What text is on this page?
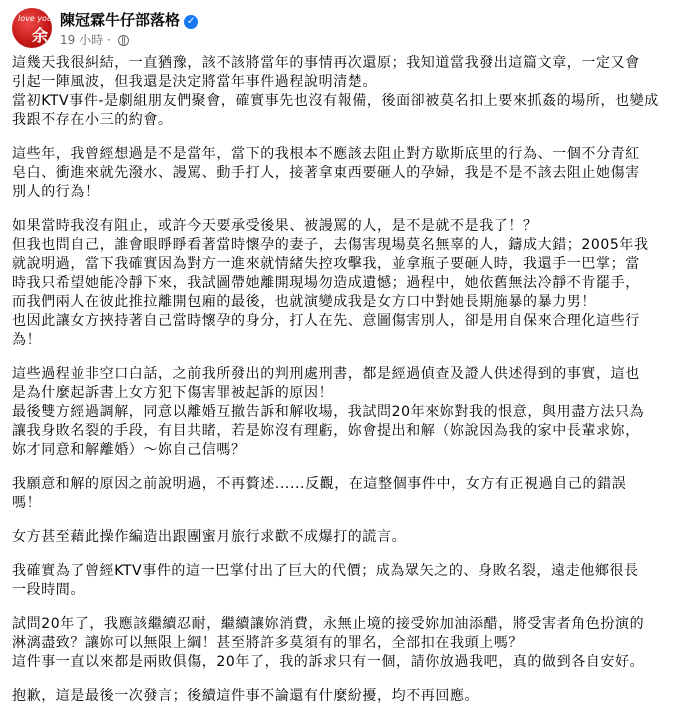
love you
余
陳冠霖牛仔部落格 ✓
19 小時 ·
這幾天我很糾結，一直猶豫，該不該將當年的事情再次還原；我知道當我發出這篇文章，一定又會
引起一陣風波，但我還是決定將當年事件過程說明清楚。
當初KTV事件-是劇組朋友們聚會，確實事先也沒有報備，後面卻被莫名扣上要來抓姦的場所，也變成
我跟不存在小三的約會。
這些年，我曾經想過是不是當年，當下的我根本不應該去阻止對方歇斯底里的行為、一個不分青紅
皂白、衝進來就先潑水、謾罵、動手打人，接著拿東西要砸人的孕婦，我是不是不該去阻止她傷害
別人的行為！
如果當時我沒有阻止，或許今天要承受後果、被謾罵的人，是不是就不是我了！？
但我也問自己，誰會眼睜睜看著當時懷孕的妻子，去傷害現場莫名無辜的人，鑄成大錯；2005年我
就說明過，當下我確實因為對方一進來就情緒失控攻擊我，並拿瓶子要砸人時，我還手一巴掌；當
時我只希望她能冷靜下來，我試圖帶她離開現場勿造成遺憾；過程中，她依舊無法冷靜不肯罷手，
而我們兩人在彼此推拉離開包廂的最後，也就演變成我是女方口中對她長期施暴的暴力男！
也因此讓女方挾持著自己當時懷孕的身分，打人在先、意圖傷害別人，卻是用自保來合理化這些行
為！
這些過程並非空口白話，之前我所發出的判刑處刑書，都是經過偵查及證人供述得到的事實，這也
是為什麼起訴書上女方犯下傷害罪被起訴的原因！
最後雙方經過調解，同意以離婚互撤告訴和解收場，我試問20年來妳對我的恨意，與用盡方法只為
讓我身敗名裂的手段，有目共睹，若是妳沒有理虧，妳會提出和解（妳說因為我的家中長輩求妳，
妳才同意和解離婚）～妳自己信嗎？
我願意和解的原因之前說明過，不再贅述......反觀，在這整個事件中，女方有正視過自己的錯誤
嗎！
女方甚至藉此操作編造出跟團蜜月旅行求歡不成爆打的謊言。
我確實為了曾經KTV事件的這一巴掌付出了巨大的代價；成為眾矢之的、身敗名裂，遠走他鄉很長
一段時間。
試問20年了，我應該繼續忍耐，繼續讓妳消費，永無止境的接受妳加油添醋，將受害者角色扮演的
淋漓盡致？讓妳可以無限上綱！甚至將許多莫須有的罪名，全部扣在我頭上嗎？
這件事一直以來都是兩敗俱傷，20年了，我的訴求只有一個，請你放過我吧，真的做到各自安好。
抱歉，這是最後一次發言；後續這件事不論還有什麼紛擾，均不再回應。
